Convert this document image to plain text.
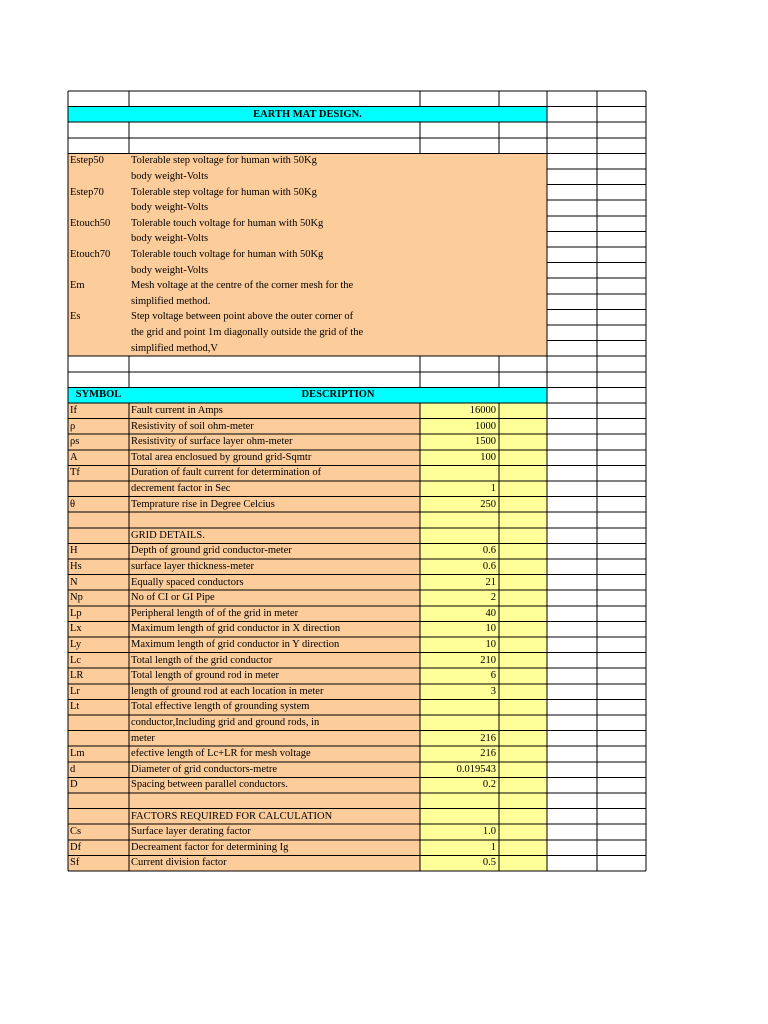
If	Fault current in Amps	16000
ρ	Resistivity of soil ohm-meter	1000
ρs	Resistivity of surface layer ohm-meter	1500
A	Total area enclosued by ground grid-Sqmtr	100
Tf	Duration of fault current for determination of
decrement factor in Sec	1
θ	Temprature rise in Degree Celcius	250
GRID DETAILS.
H	Depth of ground grid conductor-meter	0.6
Hs	surface layer thickness-meter	0.6
N	Equally spaced conductors	21
Np	No of CI or GI Pipe	2
Lp	Peripheral length of of the grid in meter	40
Lx	Maximum length of grid conductor in X direction	10
Ly	Maximum length of grid conductor in Y direction	10
Lc	Total length of the grid conductor	210
LR	Total length of ground rod in meter	6
Lr	length of ground rod at each location in meter	3
Lt	Total effective length of grounding system
conductor,Including grid and ground rods, in
meter	216
Lm	efective length of Lc+LR for mesh voltage	216
d	Diameter of grid conductors-metre	0.019543
D	Spacing between parallel conductors.	0.2
FACTORS REQUIRED FOR CALCULATION
Cs	Surface layer derating factor	1.0
Df	Decreament factor for determining Ig	1
Sf	Current division factor	0.5
EARTH MAT DESIGN.
Estep50	Tolerable step voltage for human with 50Kg
body weight-Volts
Estep70	Tolerable step voltage for human with 50Kg
body weight-Volts
Etouch50 Tolerable touch voltage for human with 50Kg
body weight-Volts
Etouch70 Tolerable touch voltage for human with 50Kg
body weight-Volts
Em	Mesh voltage at the centre of the corner mesh for the
simplified method.
Es	Step voltage between point above the outer corner of
the grid and point 1m diagonally outside the grid of the
simplified method,V
SYMBOL	DESCRIPTION
